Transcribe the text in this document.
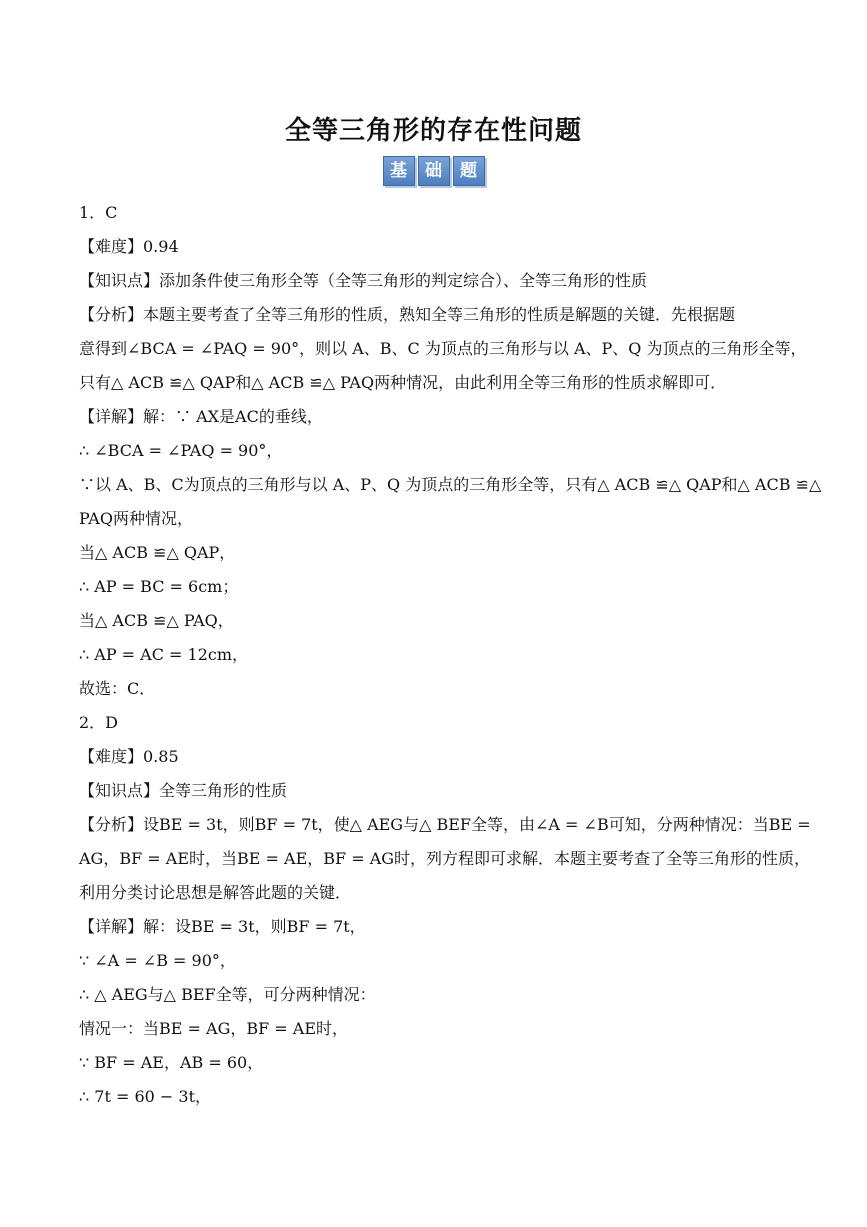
全等三角形的存在性问题
基	础	题
1．C
【难度】0.94
【知识点】添加条件使三角形全等（全等三角形的判定综合）、全等三角形的性质
【分析】本题主要考查了全等三角形的性质，熟知全等三角形的性质是解题的关键．先根据题
意得到∠BCA = ∠PAQ = 90°，则以 A、B、C 为顶点的三角形与以 A、P、Q 为顶点的三角形全等，
只有△ ACB ≌△ QAP和△ ACB ≌△ PAQ两种情况，由此利用全等三角形的性质求解即可．
【详解】解：∵ AX是AC的垂线，
∴ ∠BCA = ∠PAQ = 90°，
∵以 A、B、C为顶点的三角形与以 A、P、Q 为顶点的三角形全等，只有△ ACB ≌△ QAP和△ ACB ≌△
PAQ两种情况，
当△ ACB ≌△ QAP，
∴ AP = BC = 6cm；
当△ ACB ≌△ PAQ，
∴ AP = AC = 12cm，
故选：C．
2．D
【难度】0.85
【知识点】全等三角形的性质
【分析】设BE = 3t，则BF = 7t，使△ AEG与△ BEF全等，由∠A = ∠B可知，分两种情况：当BE =
AG，BF = AE时，当BE = AE，BF = AG时，列方程即可求解．本题主要考查了全等三角形的性质，
利用分类讨论思想是解答此题的关键．
【详解】解：设BE = 3t，则BF = 7t，
∵ ∠A = ∠B = 90°，
∴ △ AEG与△ BEF全等，可分两种情况：
情况一：当BE = AG，BF = AE时，
∵ BF = AE，AB = 60，
∴ 7t = 60 − 3t，
